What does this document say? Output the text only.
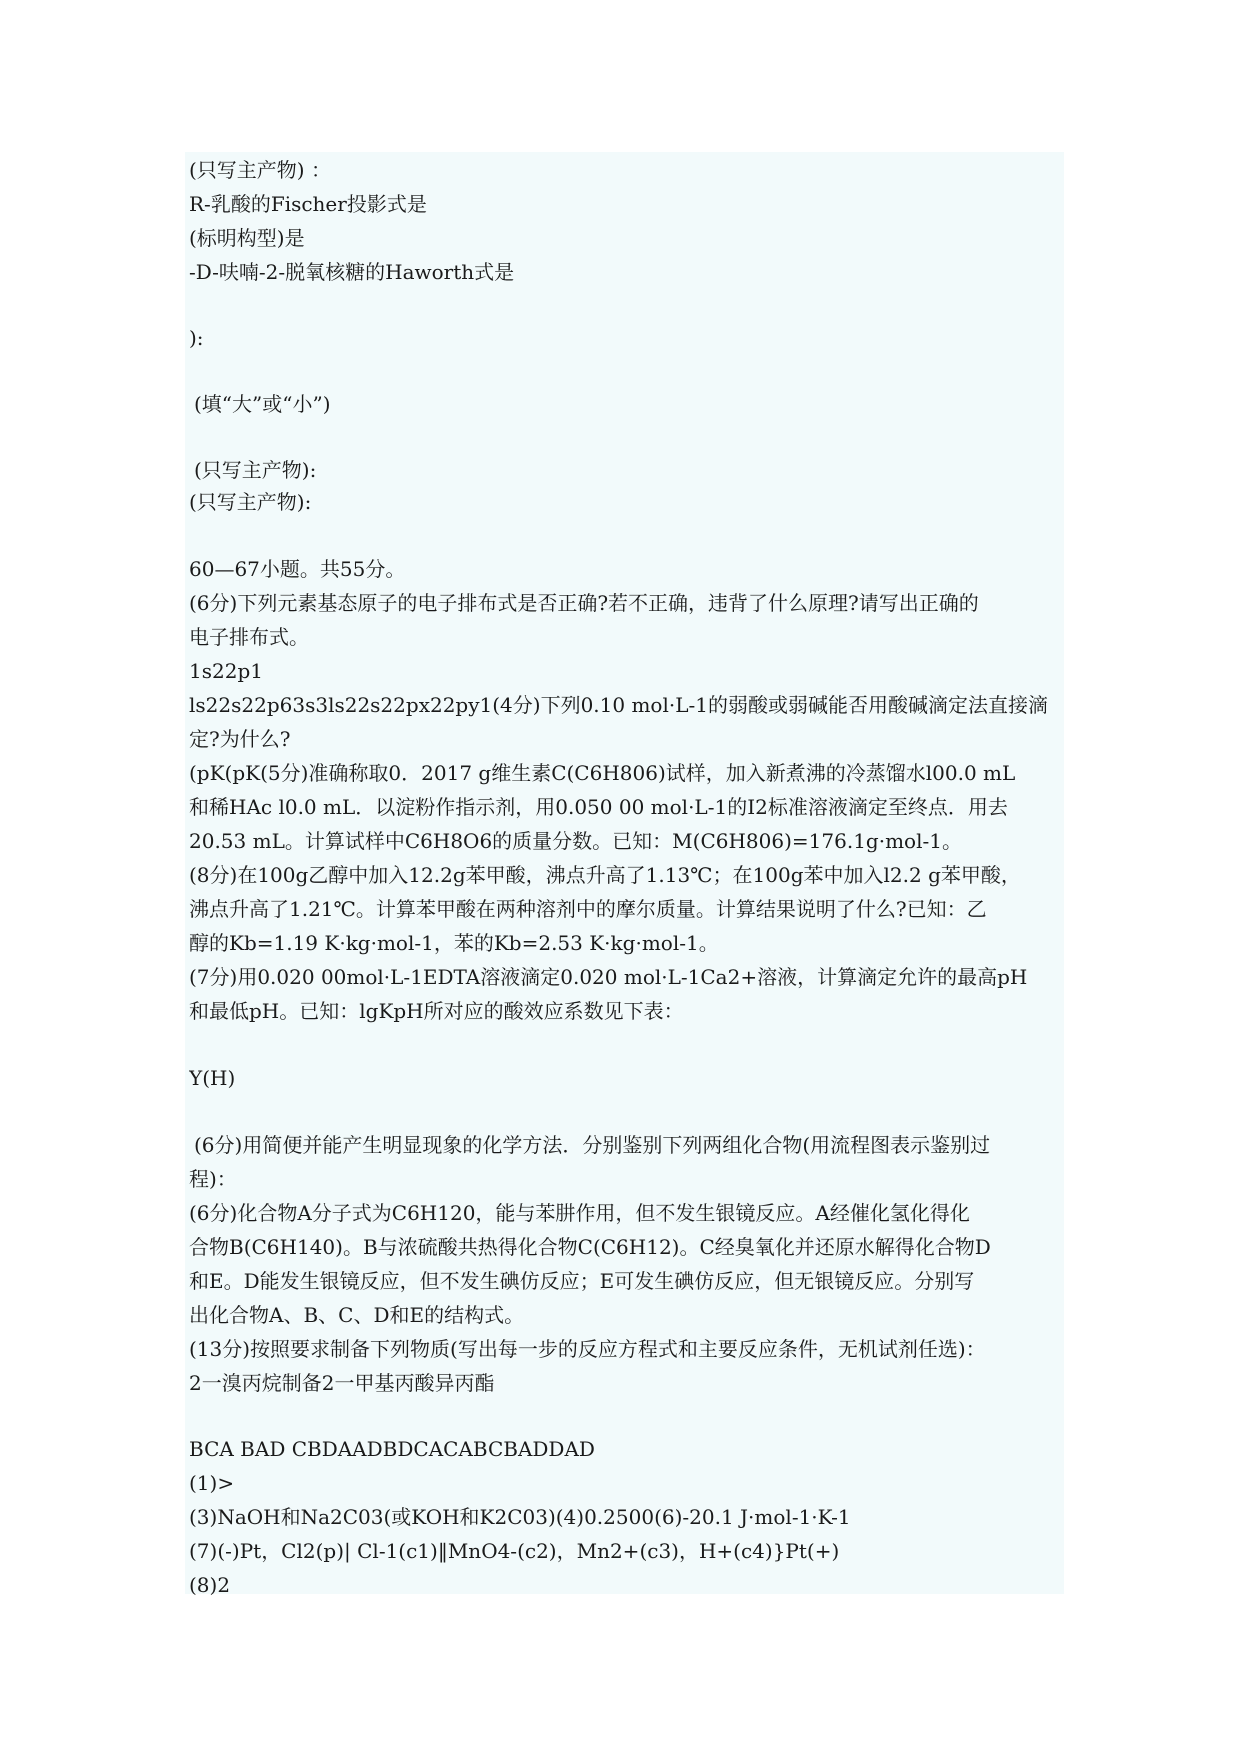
(只写主产物) ：
R-乳酸的Fischer投影式是
(标明构型)是
-D-呋喃-2-脱氧核糖的Haworth式是
):
(填“大”或“小”)
(只写主产物):
(只写主产物):
60—67小题。共55分。
(6分)下列元素基态原子的电子排布式是否正确?若不正确，违背了什么原理?请写出正确的
电子排布式。
1s22p1
ls22s22p63s3ls22s22px22py1(4分)下列0.10 mol·L-1的弱酸或弱碱能否用酸碱滴定法直接滴
定?为什么?
(pK(pK(5分)准确称取0．2017 g维生素C(C6H806)试样，加入新煮沸的冷蒸馏水l00.0 mL
和稀HAc l0.0 mL．以淀粉作指示剂，用0.050 00 mol·L-1的I2标准溶液滴定至终点．用去
20.53 mL。计算试样中C6H8O6的质量分数。已知：M(C6H806)=176.1g·mol-1。
(8分)在100g乙醇中加入12.2g苯甲酸，沸点升高了1.13℃；在100g苯中加入l2.2 g苯甲酸，
沸点升高了1.21℃。计算苯甲酸在两种溶剂中的摩尔质量。计算结果说明了什么?已知：乙
醇的Kb=1.19 K·kg·mol-1，苯的Kb=2.53 K·kg·mol-1。
(7分)用0.020 00mol·L-1EDTA溶液滴定0.020 mol·L-1Ca2+溶液，计算滴定允许的最高pH
和最低pH。已知：lgKpH所对应的酸效应系数见下表：
Y(H)
(6分)用简便并能产生明显现象的化学方法．分别鉴别下列两组化合物(用流程图表示鉴别过
程)：
(6分)化合物A分子式为C6H120，能与苯肼作用，但不发生银镜反应。A经催化氢化得化
合物B(C6H140)。B与浓硫酸共热得化合物C(C6H12)。C经臭氧化并还原水解得化合物D
和E。D能发生银镜反应，但不发生碘仿反应；E可发生碘仿反应，但无银镜反应。分别写
出化合物A、B、C、D和E的结构式。
(13分)按照要求制备下列物质(写出每一步的反应方程式和主要反应条件，无机试剂任选)：
2一溴丙烷制备2一甲基丙酸异丙酯
BCA BAD CBDAADBDCACABCBADDAD
(1)>
(3)NaOH和Na2C03(或KOH和K2C03)(4)0.2500(6)-20.1 J·mol-1·K-1
(7)(-)Pt，Cl2(p)| Cl-1(c1)‖MnO4-(c2)，Mn2+(c3)，H+(c4)}Pt(+)
(8)2
